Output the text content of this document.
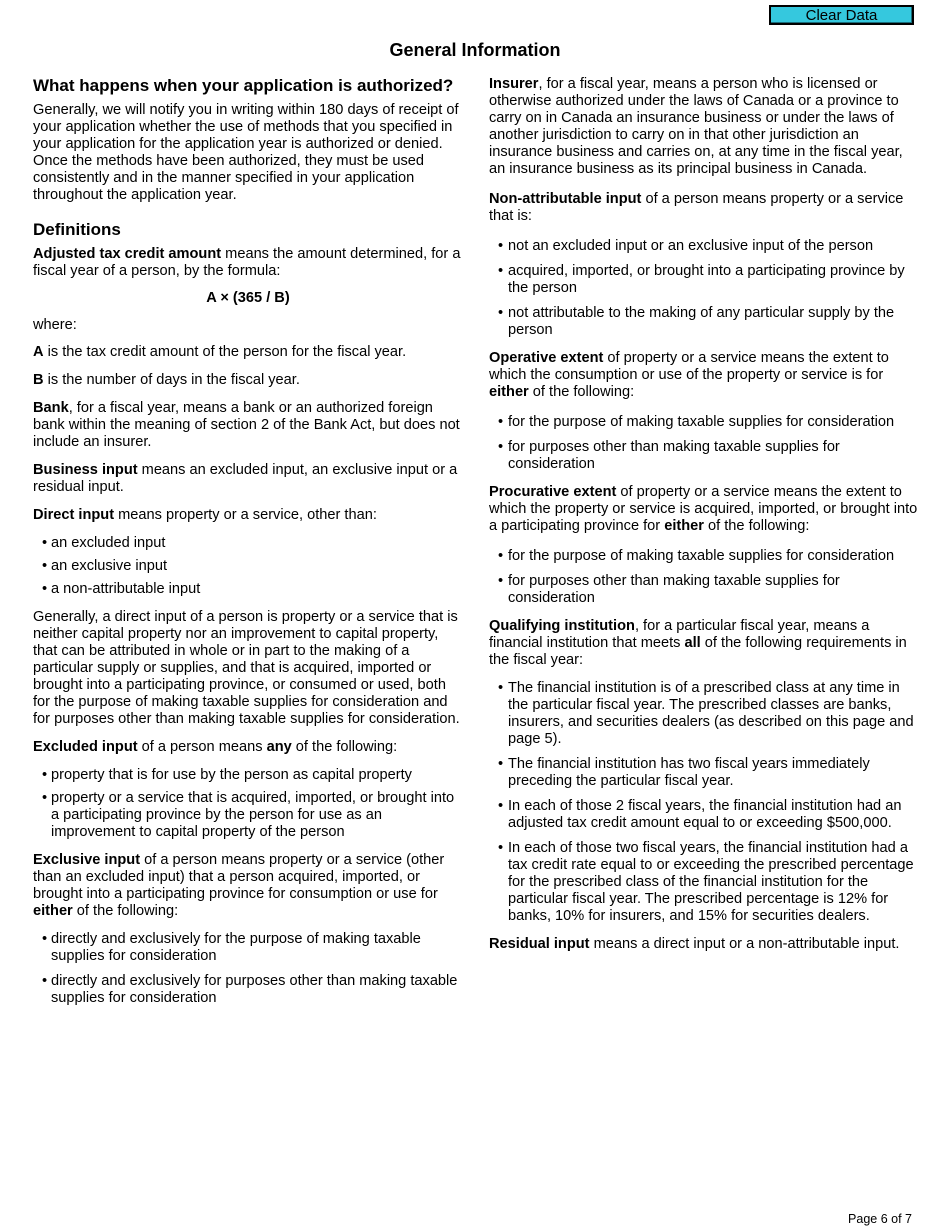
Clear Data
General Information
What happens when your application is authorized?

Generally, we will notify you in writing within 180 days of receipt of your application whether the use of methods that you specified in your application for the application year is authorized or denied. Once the methods have been authorized, they must be used consistently and in the manner specified in your application throughout the application year.

Definitions

Adjusted tax credit amount means the amount determined, for a fiscal year of a person, by the formula:

A × (365 / B)

where:

A is the tax credit amount of the person for the fiscal year.

B is the number of days in the fiscal year.

Bank, for a fiscal year, means a bank or an authorized foreign bank within the meaning of section 2 of the Bank Act, but does not include an insurer.

Business input means an excluded input, an exclusive input or a residual input.

Direct input means property or a service, other than:

• an excluded input
• an exclusive input
• a non-attributable input

Generally, a direct input of a person is property or a service that is neither capital property nor an improvement to capital property, that can be attributed in whole or in part to the making of a particular supply or supplies, and that is acquired, imported or brought into a participating province, or consumed or used, both for the purpose of making taxable supplies for consideration and for purposes other than making taxable supplies for consideration.

Excluded input of a person means any of the following:

• property that is for use by the person as capital property
• property or a service that is acquired, imported, or brought into a participating province by the person for use as an improvement to capital property of the person

Exclusive input of a person means property or a service (other than an excluded input) that a person acquired, imported, or brought into a participating province for consumption or use for either of the following:

• directly and exclusively for the purpose of making taxable supplies for consideration
• directly and exclusively for purposes other than making taxable supplies for consideration

Insurer, for a fiscal year, means a person who is licensed or otherwise authorized under the laws of Canada or a province to carry on in Canada an insurance business or under the laws of another jurisdiction to carry on in that other jurisdiction an insurance business and carries on, at any time in the fiscal year, an insurance business as its principal business in Canada.

Non-attributable input of a person means property or a service that is:

• not an excluded input or an exclusive input of the person
• acquired, imported, or brought into a participating province by the person
• not attributable to the making of any particular supply by the person

Operative extent of property or a service means the extent to which the consumption or use of the property or service is for either of the following:

• for the purpose of making taxable supplies for consideration
• for purposes other than making taxable supplies for consideration

Procurative extent of property or a service means the extent to which the property or service is acquired, imported, or brought into a participating province for either of the following:

• for the purpose of making taxable supplies for consideration
• for purposes other than making taxable supplies for consideration

Qualifying institution, for a particular fiscal year, means a financial institution that meets all of the following requirements in the fiscal year:

• The financial institution is of a prescribed class at any time in the particular fiscal year. The prescribed classes are banks, insurers, and securities dealers (as described on this page and page 5).
• The financial institution has two fiscal years immediately preceding the particular fiscal year.
• In each of those 2 fiscal years, the financial institution had an adjusted tax credit amount equal to or exceeding $500,000.
• In each of those two fiscal years, the financial institution had a tax credit rate equal to or exceeding the prescribed percentage for the prescribed class of the financial institution for the particular fiscal year. The prescribed percentage is 12% for banks, 10% for insurers, and 15% for securities dealers.

Residual input means a direct input or a non-attributable input.

Page 6 of 7
